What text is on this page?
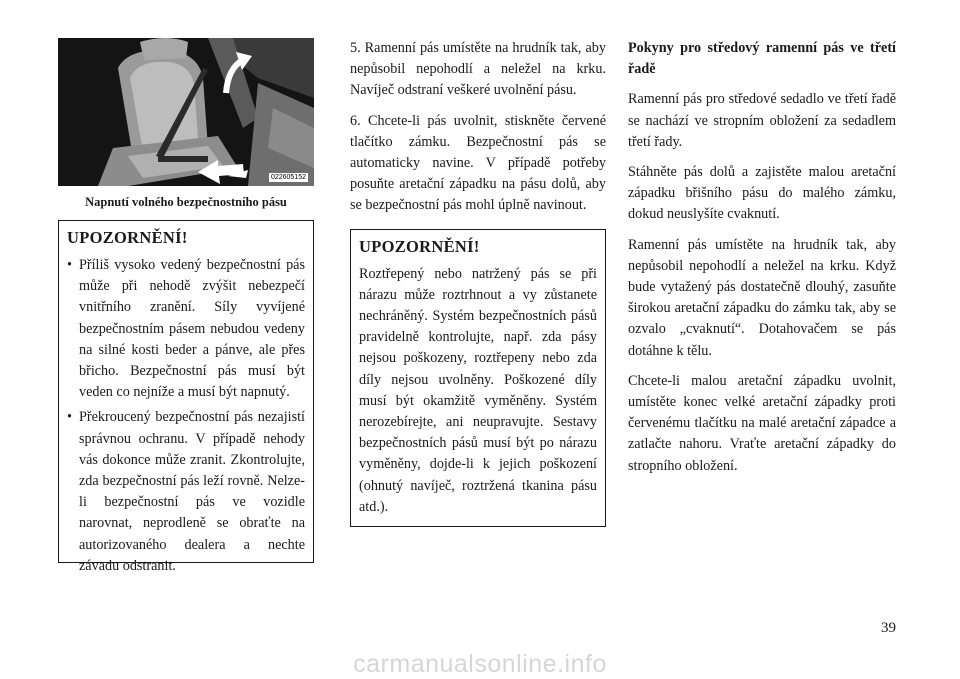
022605152
Napnutí volného bezpečnostního pásu
UPOZORNĚNÍ!
• Příliš vysoko vedený bezpečnostní pás může při nehodě zvýšit nebezpečí vnitřního zranění. Síly vyvíjené bezpečnostním pásem nebudou vedeny na silné kosti beder a pánve, ale přes břicho. Bezpečnostní pás musí být veden co nejníže a musí být napnutý.
• Překroucený bezpečnostní pás nezajistí správnou ochranu. V případě nehody vás dokonce může zranit. Zkontrolujte, zda bezpečnostní pás leží rovně. Nelze-li bezpečnostní pás ve vozidle narovnat, neprodleně se obraťte na autorizovaného dealera a nechte závadu odstranit.

5. Ramenní pás umístěte na hrudník tak, aby nepůsobil nepohodlí a neležel na krku. Navíječ odstraní veškeré uvolnění pásu.

6. Chcete-li pás uvolnit, stiskněte červené tlačítko zámku. Bezpečnostní pás se automaticky navine. V případě potřeby posuňte aretační západku na pásu dolů, aby se bezpečnostní pás mohl úplně navinout.

UPOZORNĚNÍ!

Roztřepený nebo natržený pás se při nárazu může roztrhnout a vy zůstanete nechráněný. Systém bezpečnostních pásů pravidelně kontrolujte, např. zda pásy nejsou poškozeny, roztřepeny nebo zda díly nejsou uvolněny. Poškozené díly musí být okamžitě vyměněny. Systém nerozebírejte, ani neupravujte. Sestavy bezpečnostních pásů musí být po nárazu vyměněny, dojde-li k jejich poškození (ohnutý navíječ, roztržená tkanina pásu atd.).

Pokyny pro středový ramenní pás ve třetí řadě

Ramenní pás pro středové sedadlo ve třetí řadě se nachází ve stropním obložení za sedadlem třetí řady.

Stáhněte pás dolů a zajistěte malou aretační západku břišního pásu do malého zámku, dokud neuslyšíte cvaknutí.

Ramenní pás umístěte na hrudník tak, aby nepůsobil nepohodlí a neležel na krku. Když bude vytažený pás dostatečně dlouhý, zasuňte širokou aretační západku do zámku tak, aby se ozvalo „cvaknutí“. Dotahovačem se pás dotáhne k tělu.

Chcete-li malou aretační západku uvolnit, umístěte konec velké aretační západky proti červenému tlačítku na malé aretační západce a zatlačte nahoru. Vraťte aretační západky do stropního obložení.

39
carmanualsonline.info
